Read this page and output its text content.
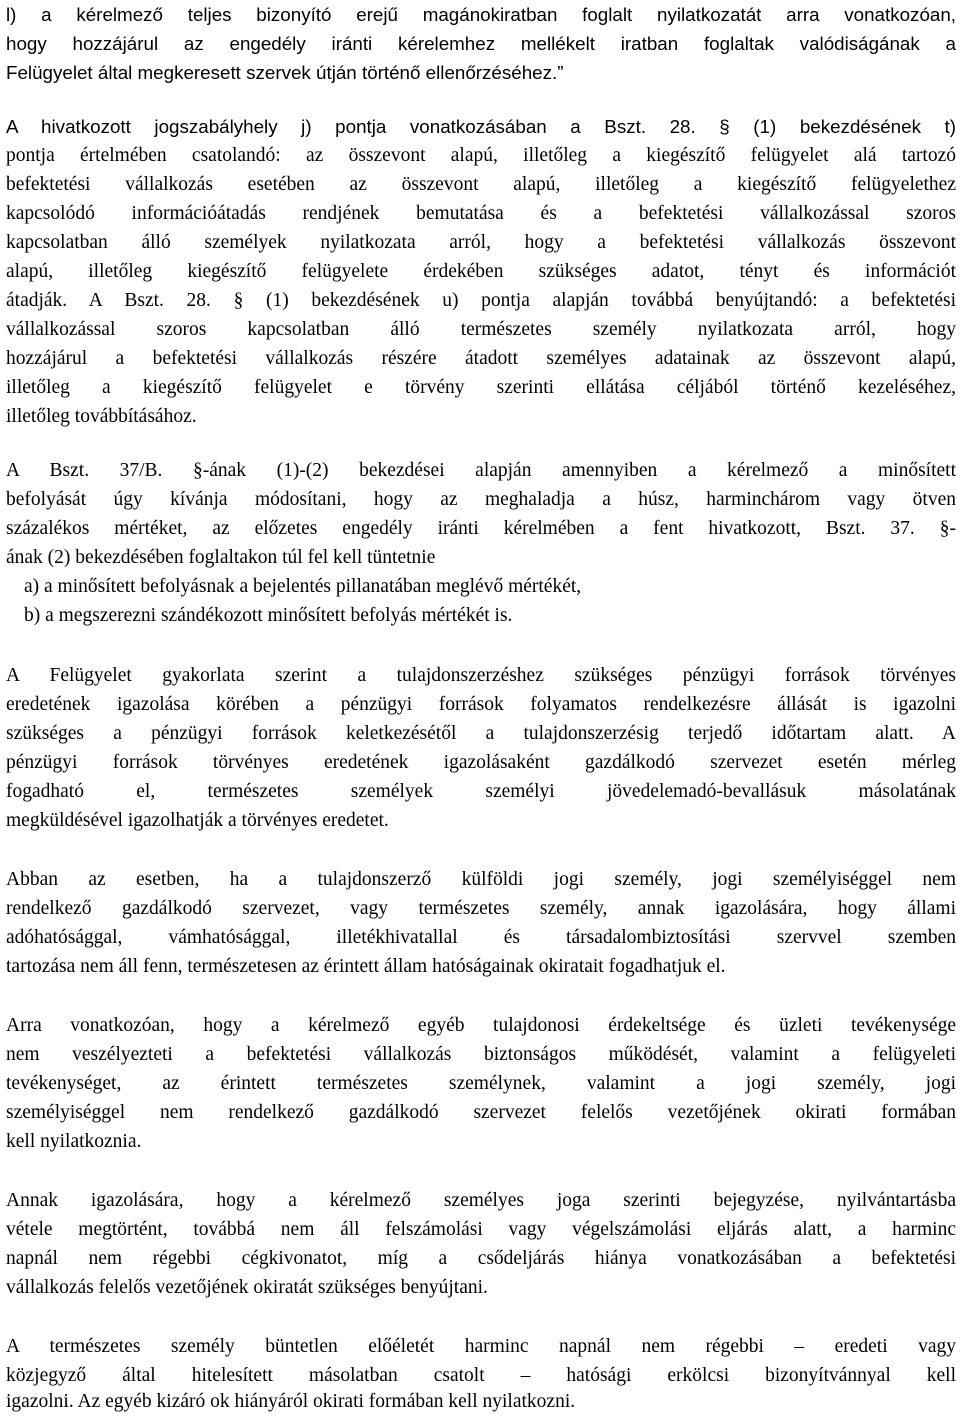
l) a kérelmező teljes bizonyító erejű magánokiratban foglalt nyilatkozatát arra vonatkozóan,
hogy hozzájárul az engedély iránti kérelemhez mellékelt iratban foglaltak valódiságának a
Felügyelet által megkeresett szervek útján történő ellenőrzéséhez.”
A hivatkozott jogszabályhely j) pontja vonatkozásában a Bszt. 28. § (1) bekezdésének t)
pontja értelmében csatolandó: az összevont alapú, illetőleg a kiegészítő felügyelet alá tartozó
befektetési vállalkozás esetében az összevont alapú, illetőleg a kiegészítő felügyelethez
kapcsolódó információátadás rendjének bemutatása és a befektetési vállalkozással szoros
kapcsolatban álló személyek nyilatkozata arról, hogy a befektetési vállalkozás összevont
alapú, illetőleg kiegészítő felügyelete érdekében szükséges adatot, tényt és információt
átadják. A Bszt. 28. § (1) bekezdésének u) pontja alapján továbbá benyújtandó: a befektetési
vállalkozással szoros kapcsolatban álló természetes személy nyilatkozata arról, hogy
hozzájárul a befektetési vállalkozás részére átadott személyes adatainak az összevont alapú,
illetőleg a kiegészítő felügyelet e törvény szerinti ellátása céljából történő kezeléséhez,
illetőleg továbbításához.
A Bszt. 37/B. §-ának (1)-(2) bekezdései alapján amennyiben a kérelmező a minősített
befolyását úgy kívánja módosítani, hogy az meghaladja a húsz, harminchárom vagy ötven
százalékos mértéket, az előzetes engedély iránti kérelmében a fent hivatkozott, Bszt. 37. §-
ának (2) bekezdésében foglaltakon túl fel kell tüntetnie
a) a minősített befolyásnak a bejelentés pillanatában meglévő mértékét,
b) a megszerezni szándékozott minősített befolyás mértékét is.
A Felügyelet gyakorlata szerint a tulajdonszerzéshez szükséges pénzügyi források törvényes
eredetének igazolása körében a pénzügyi források folyamatos rendelkezésre állását is igazolni
szükséges a pénzügyi források keletkezésétől a tulajdonszerzésig terjedő időtartam alatt. A
pénzügyi források törvényes eredetének igazolásaként gazdálkodó szervezet esetén mérleg
fogadható el, természetes személyek személyi jövedelemadó-bevallásuk másolatának
megküldésével igazolhatják a törvényes eredetet.
Abban az esetben, ha a tulajdonszerző külföldi jogi személy, jogi személyiséggel nem
rendelkező gazdálkodó szervezet, vagy természetes személy, annak igazolására, hogy állami
adóhatósággal, vámhatósággal, illetékhivatallal és társadalombiztosítási szervvel szemben
tartozása nem áll fenn, természetesen az érintett állam hatóságainak okiratait fogadhatjuk el.
Arra vonatkozóan, hogy a kérelmező egyéb tulajdonosi érdekeltsége és üzleti tevékenysége
nem veszélyezteti a befektetési vállalkozás biztonságos működését, valamint a felügyeleti
tevékenységet, az érintett természetes személynek, valamint a jogi személy, jogi
személyiséggel nem rendelkező gazdálkodó szervezet felelős vezetőjének okirati formában
kell nyilatkoznia.
Annak igazolására, hogy a kérelmező személyes joga szerinti bejegyzése, nyilvántartásba
vétele megtörtént, továbbá nem áll felszámolási vagy végelszámolási eljárás alatt, a harminc
napnál nem régebbi cégkivonatot, míg a csődeljárás hiánya vonatkozásában a befektetési
vállalkozás felelős vezetőjének okiratát szükséges benyújtani.
A természetes személy büntetlen előéletét harminc napnál nem régebbi – eredeti vagy
közjegyző által hitelesített másolatban csatolt – hatósági erkölcsi bizonyítvánnyal kell
igazolni. Az egyéb kizáró ok hiányáról okirati formában kell nyilatkozni.
